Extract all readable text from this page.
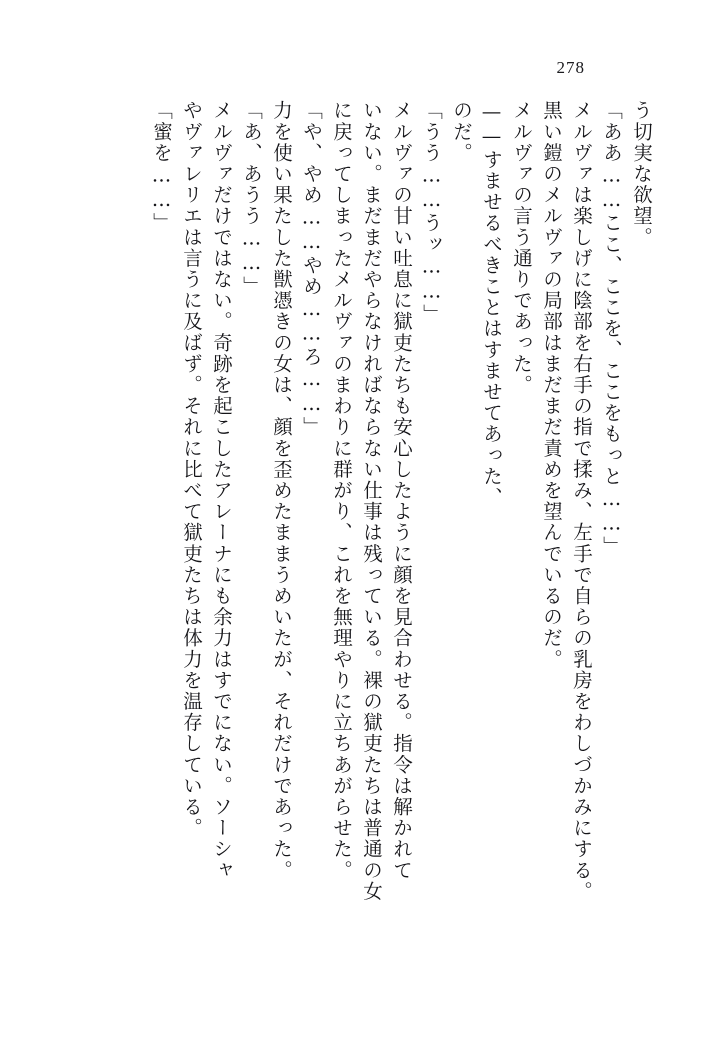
278
う切実な欲望。
「ああ……ここ、ここを、ここをもっと……」
メルヴァは楽しげに陰部を右手の指で揉み、左手で自らの乳房をわしづかみにする。
黒い鎧のメルヴァの局部はまだまだ責めを望んでいるのだ。
メルヴァの言う通りであった。
——すませるべきことはすませてあった、
のだ。
「うう……うッ……」
メルヴァの甘い吐息に獄吏たちも安心したように顔を見合わせる。指令は解かれて
いない。まだまだやらなければならない仕事は残っている。裸の獄吏たちは普通の女
に戻ってしまったメルヴァのまわりに群がり、これを無理やりに立ちあがらせた。
「や、やめ……やめ……ろ……」
力を使い果たした獣憑きの女は、顔を歪めたままうめいたが、それだけであった。
「あ、あうう……」
メルヴァだけではない。奇跡を起こしたアレーナにも余力はすでにない。ソーシャ
やヴァレリエは言うに及ばず。それに比べて獄吏たちは体力を温存している。
「蜜を……」
